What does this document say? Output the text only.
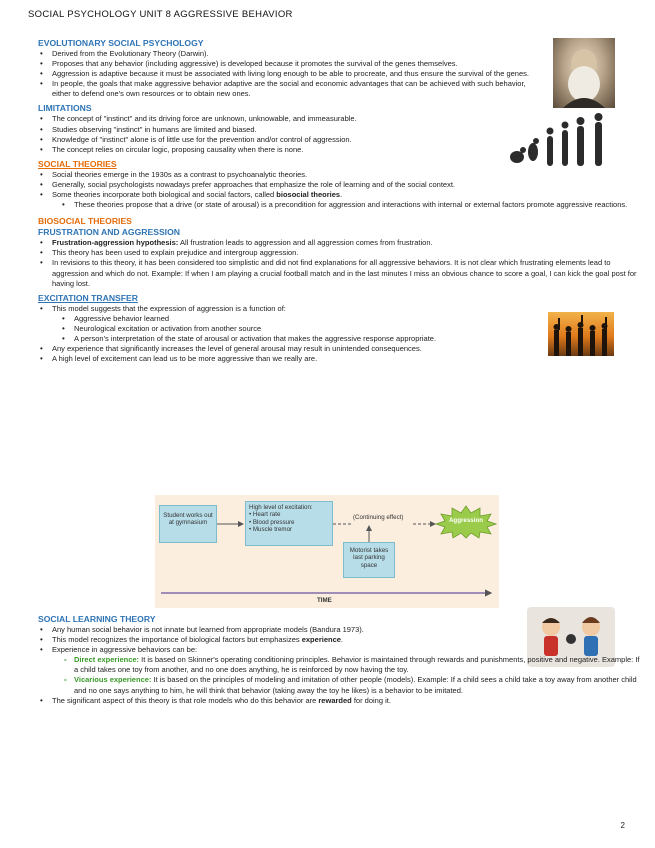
SOCIAL PSYCHOLOGY UNIT 8 AGGRESSIVE BEHAVIOR
EVOLUTIONARY SOCIAL PSYCHOLOGY
• Derived from the Evolutionary Theory (Darwin).
• Proposes that any behavior (including aggressive) is developed because it promotes the survival of the genes themselves.
• Aggression is adaptive because it must be associated with living long enough to be able to procreate, and thus ensure the survival of the genes.
• In people, the goals that make aggressive behavior adaptive are the social and economic advantages that can be achieved with such behavior, either to defend one's own resources or to obtain new ones.
LIMITATIONS
• The concept of "instinct" and its driving force are unknown, unknowable, and immeasurable.
• Studies observing "instinct" in humans are limited and biased.
• Knowledge of "instinct" alone is of little use for the prevention and/or control of aggression.
• The concept relies on circular logic, proposing causality when there is none.
SOCIAL THEORIES
• Social theories emerge in the 1930s as a contrast to psychoanalytic theories.
• Generally, social psychologists nowadays prefer approaches that emphasize the role of learning and of the social context.
• Some theories incorporate both biological and social factors, called biosocial theories.
• These theories propose that a drive (or state of arousal) is a precondition for aggression and interactions with internal or external factors promote aggressive reactions.
BIOSOCIAL THEORIES
FRUSTRATION AND AGGRESSION
• Frustration-aggression hypothesis: All frustration leads to aggression and all aggression comes from frustration.
• This theory has been used to explain prejudice and intergroup aggression.
• In revisions to this theory, it has been considered too simplistic and did not find explanations for all aggressive behaviors. It is not clear which frustrating elements lead to aggression and which do not. Example: If when I am playing a crucial football match and in the last minutes I miss an obvious chance to score a goal, I can kick the goal post for having lost.
EXCITATION TRANSFER
• This model suggests that the expression of aggression is a function of:
• Aggressive behavior learned
• Neurological excitation or activation from another source
• A person's interpretation of the state of arousal or activation that makes the aggressive response appropriate.
• Any experience that significantly increases the level of general arousal may result in unintended consequences.
• A high level of excitement can lead us to be more aggressive than we really are.
Student works out at gymnasium
High level of excitation:
• Heart rate
• Blood pressure
• Muscle tremor
(Continuing effect)	Aggression
Motorist takes last parking space
TIME
SOCIAL LEARNING THEORY
• Any human social behavior is not innate but learned from appropriate models (Bandura 1973).
• This model recognizes the importance of biological factors but emphasizes experience.
• Experience in aggressive behaviors can be:
- Direct experience: It is based on Skinner's operating conditioning principles. Behavior is maintained through rewards and punishments, positive and negative. Example: If a child takes one toy from another, and no one does anything, he is reinforced by now having the toy.
- Vicarious experience: It is based on the principles of modeling and imitation of other people (models). Example: If a child sees a child take a toy away from another child and no one says anything to him, he will think that behavior (taking away the toy he likes) is a behavior to be imitated.
• The significant aspect of this theory is that role models who do this behavior are rewarded for doing it.
2
